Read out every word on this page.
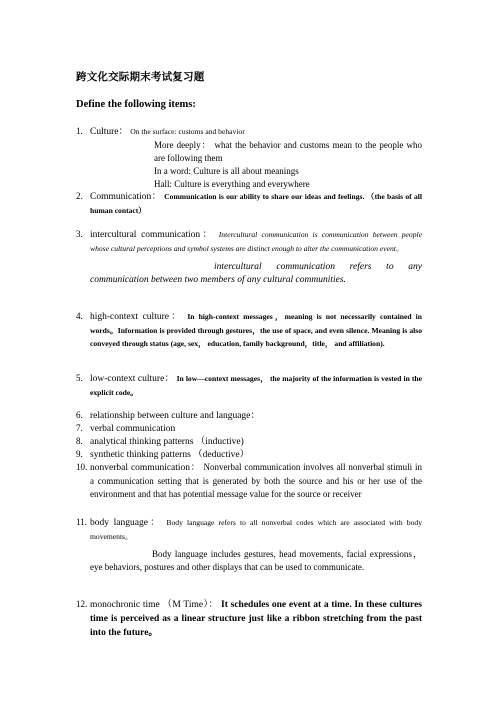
跨文化交际期末考试复习题
Define the following items:
1. Culture： On the surface: customs and behavior
More deeply： what the behavior and customs mean to the people who are following them
In a word: Culture is all about meanings
Hall: Culture is everything and everywhere
2. Communication： Communication is our ability to share our ideas and feelings. （the basis of all human contact）
3. intercultural communication： Intercultural communication is communication between people whose cultural perceptions and symbol systems are distinct enough to alter the communication event。
intercultural communication refers to any communication between two members of any cultural communities.
4. high-context culture： In high-context messages，meaning is not necessarily contained in words。Information is provided through gestures，the use of space, and even silence. Meaning is also conveyed through status (age, sex， education, family background，title， and affiliation).
5. low-context culture： In low—context messages， the majority of the information is vested in the explicit code。
6. relationship between culture and language：
7. verbal communication
8. analytical thinking patterns （inductive)
9. synthetic thinking patterns （deductive）
10. nonverbal communication： Nonverbal communication involves all nonverbal stimuli in a communication setting that is generated by both the source and his or her use of the environment and that has potential message value for the source or receiver
11. body language： Body language refers to all nonverbal codes which are associated with body movements。
Body language includes gestures, head movements, facial expressions， eye behaviors, postures and other displays that can be used to communicate.
12. monochronic time （M Time）： It schedules one event at a time. In these cultures time is perceived as a linear structure just like a ribbon stretching from the past into the future。
